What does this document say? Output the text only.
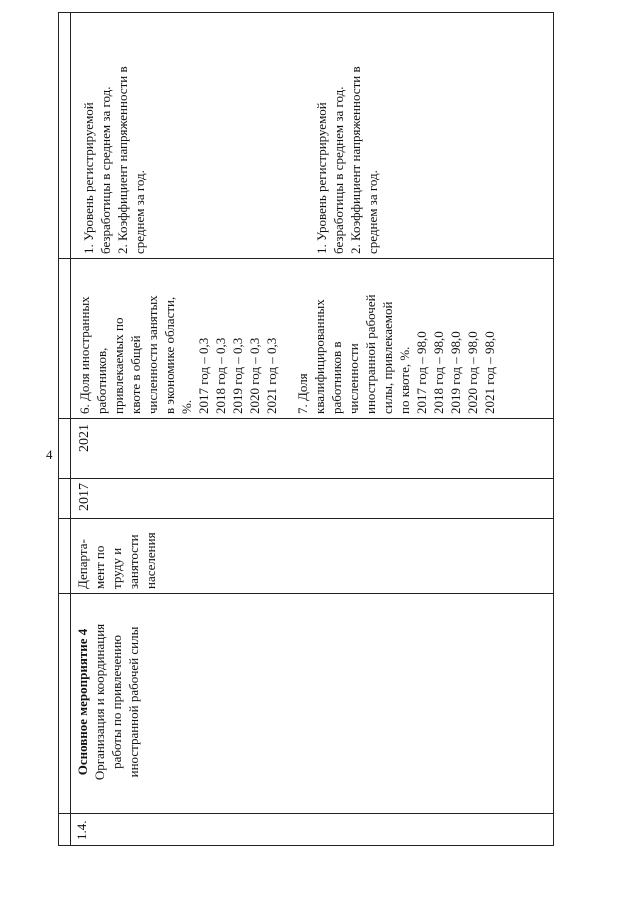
4
1.4.
Основное мероприятие 4 Организация и координация работы по привлечению иностранной рабочей силы
Департа- мент по труду и занятости населения
2017
2021
6. Доля иностранных работников, привлекаемых по квоте в общей численности занятых в экономике области, %. 2017 год – 0,3 2018 год – 0,3 2019 год – 0,3 2020 год – 0,3 2021 год – 0,3 7. Доля квалифицированных работников в численности иностранной рабочей силы, привлекаемой по квоте, %. 2017 год – 98,0 2018 год – 98,0 2019 год – 98,0 2020 год – 98,0 2021 год – 98,0
1. Уровень регистрируемой безработицы в среднем за год. 2. Коэффициент напряженности в среднем за год.	1. Уровень регистрируемой безработицы в среднем за год. 2. Коэффициент напряженности в среднем за год.
